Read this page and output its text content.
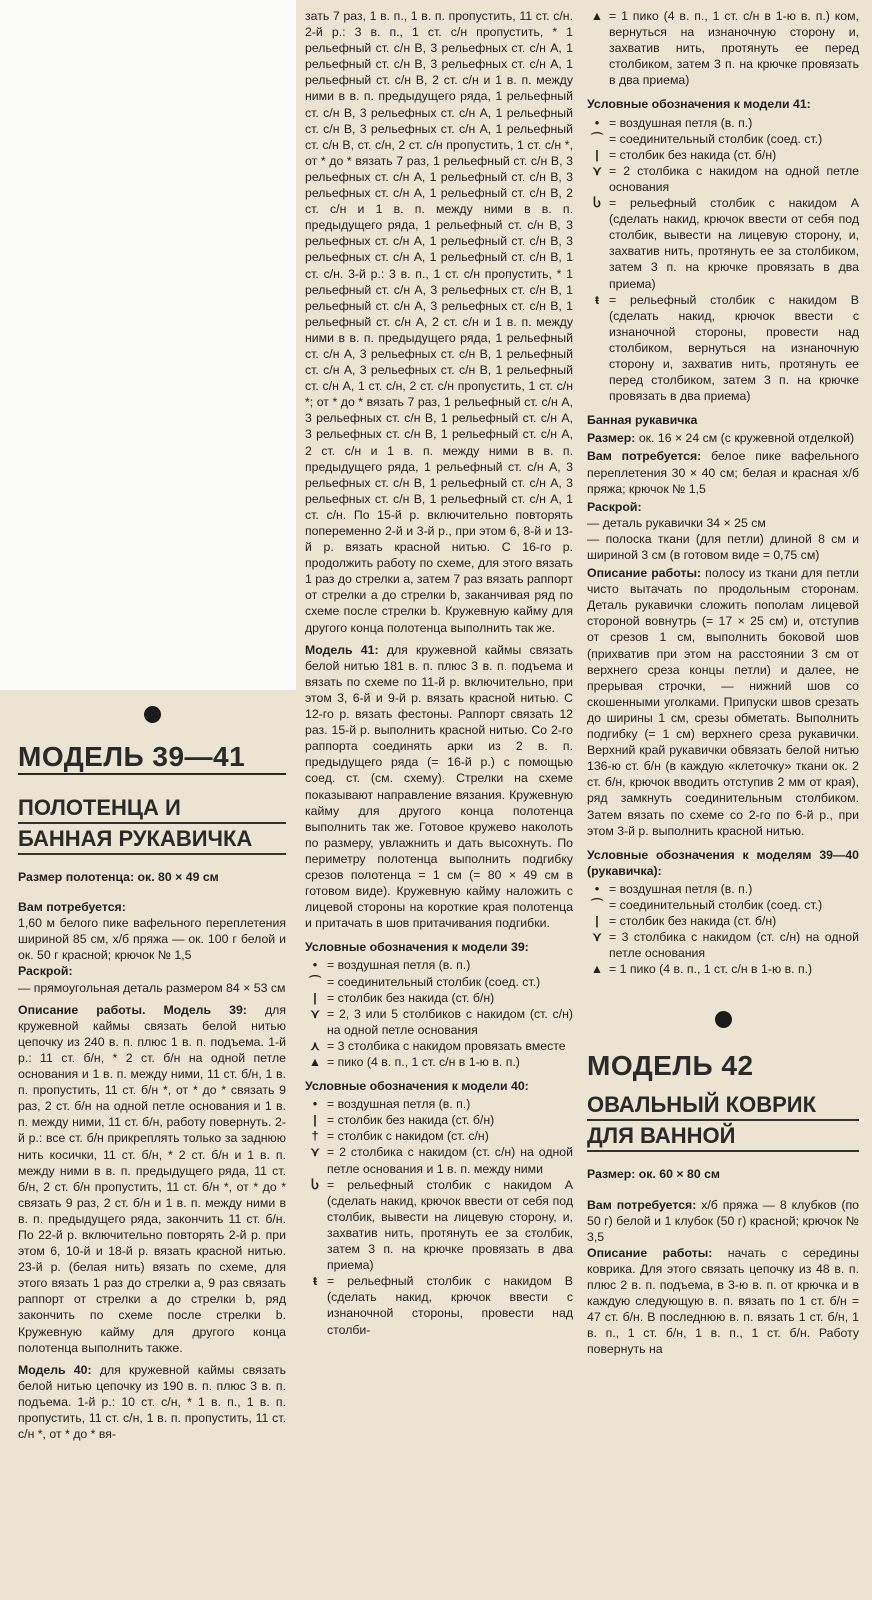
МОДЕЛЬ 39—41
ПОЛОТЕНЦА И
БАННАЯ РУКАВИЧКА

Размер полотенца: ок. 80 × 49 см

Вам потребуется:

1,60 м белого пике вафельного переплетения шириной 85 см, х/б пряжа — ок. 100 г белой и ок. 50 г красной; крючок № 1,5

Раскрой:

— прямоугольная деталь размером 84 × 53 см

Описание работы. Модель 39: для кружевной каймы связать белой нитью цепочку из 240 в. п. плюс 1 в. п. подъема. 1-й р.: 11 ст. б/н, * 2 ст. б/н на одной петле основания и 1 в. п. между ними, 11 ст. б/н, 1 в. п. пропустить, 11 ст. б/н *, от * до * связать 9 раз, 2 ст. б/н на одной петле основания и 1 в. п. между ними, 11 ст. б/н, работу повернуть. 2-й р.: все ст. б/н прикреплять только за заднюю нить косички, 11 ст. б/н, * 2 ст. б/н и 1 в. п. между ними в в. п. предыдущего ряда, 11 ст. б/н, 2 ст. б/н пропустить, 11 ст. б/н *, от * до * связать 9 раз, 2 ст. б/н и 1 в. п. между ними в в. п. предыдущего ряда, закончить 11 ст. б/н. По 22-й р. включительно повторять 2-й р. при этом 6, 10-й и 18-й р. вязать красной нитью. 23-й р. (белая нить) вязать по схеме, для этого вязать 1 раз до стрелки a, 9 раз связать раппорт от стрелки a до стрелки b, ряд закончить по схеме после стрелки b. Кружевную кайму для другого конца полотенца выполнить также.

Модель 40: для кружевной каймы связать белой нитью цепочку из 190 в. п. плюс 3 в. п. подъема. 1-й р.: 10 ст. с/н, * 1 в. п., 1 в. п. пропустить, 11 ст. с/н, 1 в. п. пропустить, 11 ст. с/н *, от * до * вя-

зать 7 раз, 1 в. п., 1 в. п. пропустить, 11 ст. с/н. 2-й р.: 3 в. п., 1 ст. с/н пропустить, * 1 рельефный ст. с/н B, 3 рельефных ст. с/н A, 1 рельефный ст. с/н B, 3 рельефных ст. с/н A, 1 рельефный ст. с/н B, 2 ст. с/н и 1 в. п. между ними в в. п. предыдущего ряда, 1 рельефный ст. с/н B, 3 рельефных ст. с/н A, 1 рельефный ст. с/н B, 3 рельефных ст. с/н A, 1 рельефный ст. с/н B, ст. с/н, 2 ст. с/н пропустить, 1 ст. с/н *, от * до * вязать 7 раз, 1 рельефный ст. с/н B, 3 рельефных ст. с/н A, 1 рельефный ст. с/н B, 3 рельефных ст. с/н A, 1 рельефный ст. с/н B, 2 ст. с/н и 1 в. п. между ними в в. п. предыдущего ряда, 1 рельефный ст. с/н B, 3 рельефных ст. с/н A, 1 рельефный ст. с/н B, 3 рельефных ст. с/н A, 1 рельефный ст. с/н B, 1 ст. с/н. 3-й р.: 3 в. п., 1 ст. с/н пропустить, * 1 рельефный ст. с/н A, 3 рельефных ст. с/н B, 1 рельефный ст. с/н A, 3 рельефных ст. с/н B, 1 рельефный ст. с/н A, 2 ст. с/н и 1 в. п. между ними в в. п. предыдущего ряда, 1 рельефный ст. с/н A, 3 рельефных ст. с/н B, 1 рельефный ст. с/н A, 3 рельефных ст. с/н B, 1 рельефный ст. с/н A, 1 ст. с/н, 2 ст. с/н пропустить, 1 ст. с/н *; от * до * вязать 7 раз, 1 рельефный ст. с/н A, 3 рельефных ст. с/н B, 1 рельефный ст. с/н A, 3 рельефных ст. с/н B, 1 рельефный ст. с/н A, 2 ст. с/н и 1 в. п. между ними в в. п. предыдущего ряда, 1 рельефный ст. с/н A, 3 рельефных ст. с/н B, 1 рельефный ст. с/н A, 3 рельефных ст. с/н B, 1 рельефный ст. с/н A, 1 ст. с/н. По 15-й р. включительно повторять попеременно 2-й и 3-й р., при этом 6, 8-й и 13-й р. вязать красной нитью. С 16-го р. продолжить работу по схеме, для этого вязать 1 раз до стрелки a, затем 7 раз вязать раппорт от стрелки a до стрелки b, заканчивая ряд по схеме после стрелки b. Кружевную кайму для другого конца полотенца выполнить так же.

Модель 41: для кружевной каймы связать белой нитью 181 в. п. плюс 3 в. п. подъема и вязать по схеме по 11-й р. включительно, при этом 3, 6-й и 9-й р. вязать красной нитью. С 12-го р. вязать фестоны. Раппорт связать 12 раз. 15-й р. выполнить красной нитью. Со 2-го раппорта соединять арки из 2 в. п. предыдущего ряда (= 16-й р.) с помощью соед. ст. (см. схему). Стрелки на схеме показывают направление вязания. Кружевную кайму для другого конца полотенца выполнить так же. Готовое кружево наколоть по размеру, увлажнить и дать высохнуть. По периметру полотенца выполнить подгибку срезов полотенца = 1 см (= 80 × 49 см в готовом виде). Кружевную кайму наложить с лицевой стороны на короткие края полотенца и притачать в шов притачивания подгибки.

Условные обозначения к модели 39:
• = воздушная петля (в. п.)
⌒ = соединительный столбик (соед. ст.)
| = столбик без накида (ст. б/н)
⋎ = 2, 3 или 5 столбиков с накидом (ст. с/н) на одной петле основания
⋏ = 3 столбика с накидом провязать вместе
▲ = пико (4 в. п., 1 ст. с/н в 1-ю в. п.)
Условные обозначения к модели 40:
• = воздушная петля (в. п.)
| = столбик без накида (ст. б/н)
† = столбик с накидом (ст. с/н)
⋎ = 2 столбика с накидом (ст. с/н) на одной петле основания и 1 в. п. между ними
Ⴑ = рельефный столбик с накидом A (сделать накид, крючок ввести от себя под столбик, вывести на лицевую сторону, и, захватив нить, протянуть ее за столбик, затем 3 п. на крючке провязать в два приема)
ŧ = рельефный столбик с накидом B (сделать накид, крючок ввести с изнаночной стороны, провести над столби-
▲ = 1 пико (4 в. п., 1 ст. с/н в 1-ю в. п.) ком, вернуться на изнаночную сторону и, захватив нить, протянуть ее перед столбиком, затем 3 п. на крючке провязать в два приема)
Условные обозначения к модели 41:
• = воздушная петля (в. п.)
⌒ = соединительный столбик (соед. ст.)
| = столбик без накида (ст. б/н)
⋎ = 2 столбика с накидом на одной петле основания
Ⴑ = рельефный столбик с накидом A (сделать накид, крючок ввести от себя под столбик, вывести на лицевую сторону, и, захватив нить, протянуть ее за столбиком, затем 3 п. на крючке провязать в два приема)
ŧ = рельефный столбик с накидом B (сделать накид, крючок ввести с изнаночной стороны, провести над столбиком, вернуться на изнаночную сторону и, захватив нить, протянуть ее перед столбиком, затем 3 п. на крючке провязать в два приема)
Банная рукавичка

Размер: ок. 16 × 24 см (с кружевной отделкой)

Вам потребуется: белое пике вафельного переплетения 30 × 40 см; белая и красная х/б пряжа; крючок № 1,5

Раскрой:

— деталь рукавички 34 × 25 см

— полоска ткани (для петли) длиной 8 см и шириной 3 см (в готовом виде = 0,75 см)

Описание работы: полосу из ткани для петли чисто вытачать по продольным сторонам. Деталь рукавички сложить пополам лицевой стороной вовнутрь (= 17 × 25 см) и, отступив от срезов 1 см, выполнить боковой шов (прихватив при этом на расстоянии 3 см от верхнего среза концы петли) и далее, не прерывая строчки, — нижний шов со скошенными уголками. Припуски швов срезать до ширины 1 см, срезы обметать. Выполнить подгибку (= 1 см) верхнего среза рукавички. Верхний край рукавички обвязать белой нитью 136-ю ст. б/н (в каждую «клеточку» ткани ок. 2 ст. б/н, крючок вводить отступив 2 мм от края), ряд замкнуть соединительным столбиком. Затем вязать по схеме со 2-го по 6-й р., при этом 3-й р. выполнить красной нитью.

Условные обозначения к моделям 39—40 (рукавичка):
• = воздушная петля (в. п.)
⌒ = соединительный столбик (соед. ст.)
| = столбик без накида (ст. б/н)
⋎ = 3 столбика с накидом (ст. с/н) на одной петле основания
▲ = 1 пико (4 в. п., 1 ст. с/н в 1-ю в. п.)
МОДЕЛЬ 42
ОВАЛЬНЫЙ КОВРИК
ДЛЯ ВАННОЙ

Размер: ок. 60 × 80 см

Вам потребуется: х/б пряжа — 8 клубков (по 50 г) белой и 1 клубок (50 г) красной; крючок № 3,5

Описание работы: начать с середины коврика. Для этого связать цепочку из 48 в. п. плюс 2 в. п. подъема, в 3-ю в. п. от крючка и в каждую следующую в. п. вязать по 1 ст. б/н = 47 ст. б/н. В последнюю в. п. вязать 1 ст. б/н, 1 в. п., 1 ст. б/н, 1 в. п., 1 ст. б/н. Работу повернуть на
